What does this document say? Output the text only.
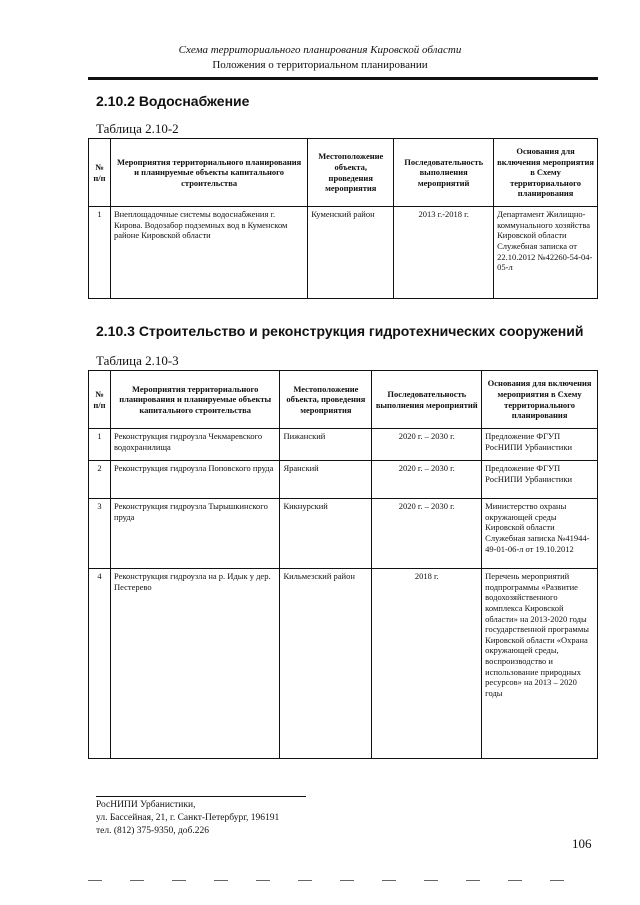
Схема территориального планирования Кировской области
Положения о территориальном планировании
2.10.2 Водоснабжение
Таблица 2.10-2
№ п/п	Мероприятия территориального планирования и планируемые объекты капитального строительства	Местоположение объекта, проведения мероприятия	Последовательность выполнения мероприятий	Основания для включения мероприятия в Схему территориального планирования
1	Внеплощадочные системы водоснабжения г. Кирова. Водозабор подземных вод в Куменском районе Кировской области	Куменский район	2013 г.-2018 г.	Департамент Жилищно-коммунального хозяйства Кировской области Служебная записка от 22.10.2012 №42260-54-04-05-л
2.10.3 Строительство и реконструкция гидротехнических сооружений
Таблица 2.10-3
№ п/п	Мероприятия территориального планирования и планируемые объекты капитального строительства	Местоположение объекта, проведения мероприятия	Последовательность выполнения мероприятий	Основания для включения мероприятия в Схему территориального планирования
1	Реконструкция гидроузла Чекмаревского водохранилища	Пижанский	2020 г. – 2030 г.	Предложение ФГУП РосНИПИ Урбанистики
2	Реконструкция гидроузла Поповского пруда	Яранский	2020 г. – 2030 г.	Предложение ФГУП РосНИПИ Урбанистики
3	Реконструкция гидроузла Тырышкинского пруда	Кикнурский	2020 г. – 2030 г.	Министерство охраны окружающей среды Кировской области Служебная записка №41944-49-01-06-л от 19.10.2012
4	Реконструкция гидроузла на р. Идык у дер. Пестерево	Кильмезский район	2018 г.	Перечень мероприятий подпрограммы «Развитие водохозяйственного комплекса Кировской области» на 2013-2020 годы государственной программы Кировской области «Охрана окружающей среды, воспроизводство и использование природных ресурсов» на 2013 – 2020 годы
РосНИПИ Урбанистики,
ул. Бассейная, 21, г. Санкт-Петербург, 196191
тел. (812) 375-9350, доб.226
106
